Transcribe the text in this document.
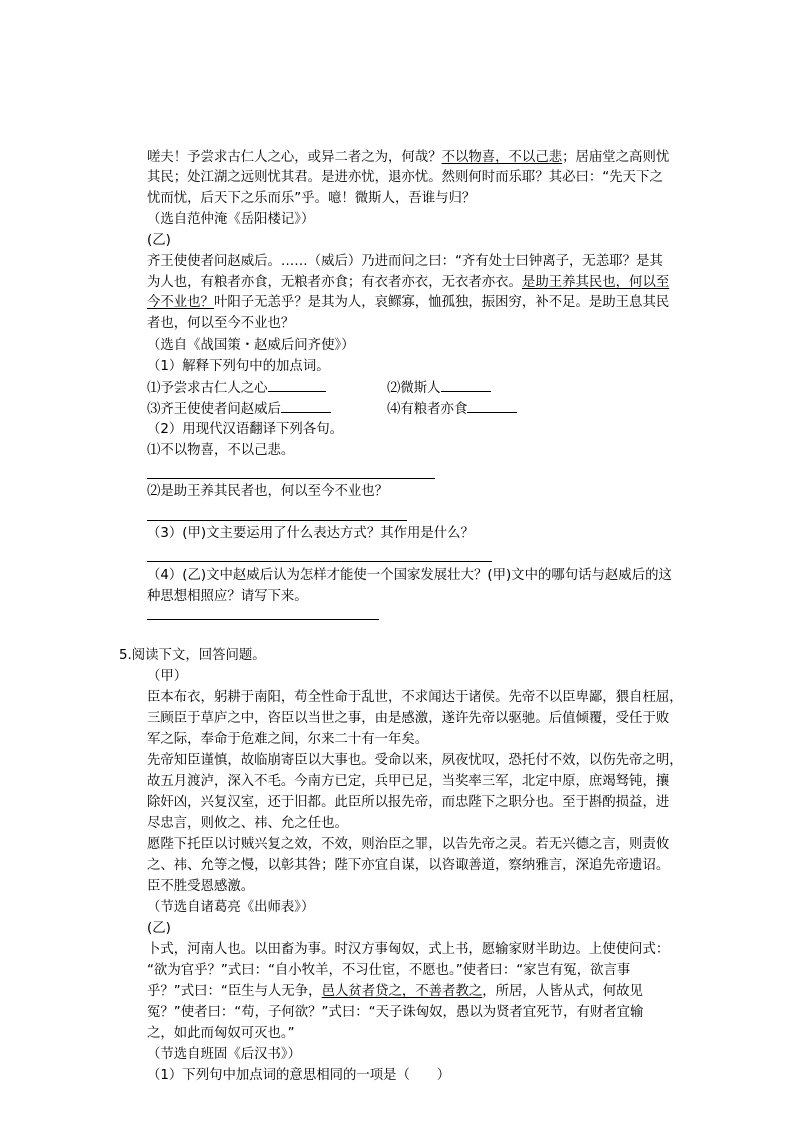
嗟夫！予尝求古仁人之心，或异二者之为，何哉？不以物喜，不以己悲；居庙堂之高则忧
其民；处江湖之远则忧其君。是进亦忧，退亦忧。然则何时而乐耶？其必曰：“先天下之
忧而忧，后天下之乐而乐”乎。噫！微斯人，吾谁与归？
（选自范仲淹《岳阳楼记》）
(乙)
齐王使使者问赵威后。……（威后）乃进而问之曰：“齐有处士曰钟离子，无恙耶？是其
为人也，有粮者亦食，无粮者亦食；有衣者亦衣，无衣者亦衣。是助王养其民也，何以至
今不业也？叶阳子无恙乎？是其为人，哀鳏寡，恤孤独，振困穷，补不足。是助王息其民
者也，何以至今不业也？
（选自《战国策・赵威后问齐使》）
（1）解释下列句中的加点词。
⑴予尝求古仁人之心	⑵微斯人
⑶齐王使使者问赵威后	⑷有粮者亦食
（2）用现代汉语翻译下列各句。
⑴不以物喜，不以己悲。
⑵是助王养其民者也，何以至今不业也？
（3）(甲)文主要运用了什么表达方式？其作用是什么？
（4）(乙)文中赵威后认为怎样才能使一个国家发展壮大？(甲)文中的哪句话与赵威后的这
种思想相照应？请写下来。
5.阅读下文，回答问题。
（甲）
臣本布衣，躬耕于南阳，苟全性命于乱世，不求闻达于诸侯。先帝不以臣卑鄙，猥自枉屈，
三顾臣于草庐之中，咨臣以当世之事，由是感激，遂许先帝以驱驰。后值倾覆，受任于败
军之际，奉命于危难之间，尔来二十有一年矣。
先帝知臣谨慎，故临崩寄臣以大事也。受命以来，夙夜忧叹，恐托付不效，以伤先帝之明，
故五月渡泸，深入不毛。今南方已定，兵甲已足，当奖率三军，北定中原，庶竭驽钝，攘
除奸凶，兴复汉室，还于旧都。此臣所以报先帝，而忠陛下之职分也。至于斟酌损益，进
尽忠言，则攸之、祎、允之任也。
愿陛下托臣以讨贼兴复之效，不效，则治臣之罪，以告先帝之灵。若无兴德之言，则责攸
之、祎、允等之慢，以彰其咎；陛下亦宜自谋，以咨诹善道，察纳雅言，深追先帝遗诏。
臣不胜受恩感激。
（节选自诸葛亮《出师表》）
(乙)
卜式，河南人也。以田畜为事。时汉方事匈奴，式上书，愿输家财半助边。上使使问式：
“欲为官乎？”式曰：“自小牧羊，不习仕宦，不愿也。”使者曰：“家岂有冤，欲言事
乎？”式曰：“臣生与人无争，邑人贫者贷之，不善者教之，所居，人皆从式，何故见
冤？”使者曰：“苟，子何欲？”式曰：“天子诛匈奴，愚以为贤者宜死节，有财者宜输
之，如此而匈奴可灭也。”
（节选自班固《后汉书》）
（1）下列句中加点词的意思相同的一项是（　　）
